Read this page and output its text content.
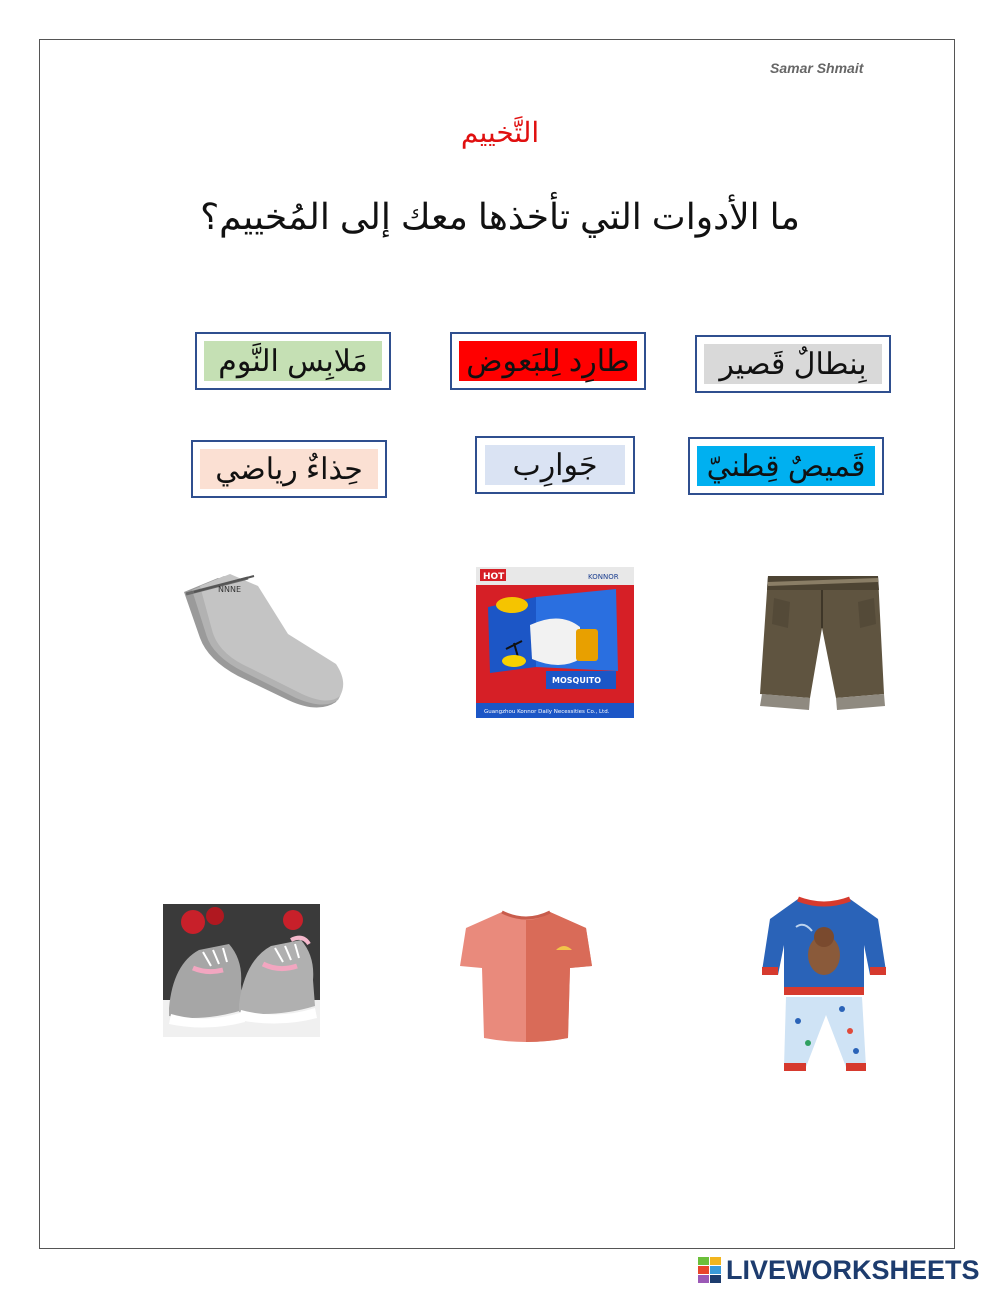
Samar Shmait
التَّخييم
ما الأدوات التي تأخذها معك إلى المُخييم؟
مَلابِس النَّوم	طارِد لِلبَعوض	بِنطالٌ قَصير
حِذاءٌ رياضي	جَوارِب	قَميصٌ قِطنيّ
NNNE
HOT	KONNOR
MOSQUITO
Guangzhou Konnor Daily Necessities Co., Ltd.
LIVEWORKSHEETS
